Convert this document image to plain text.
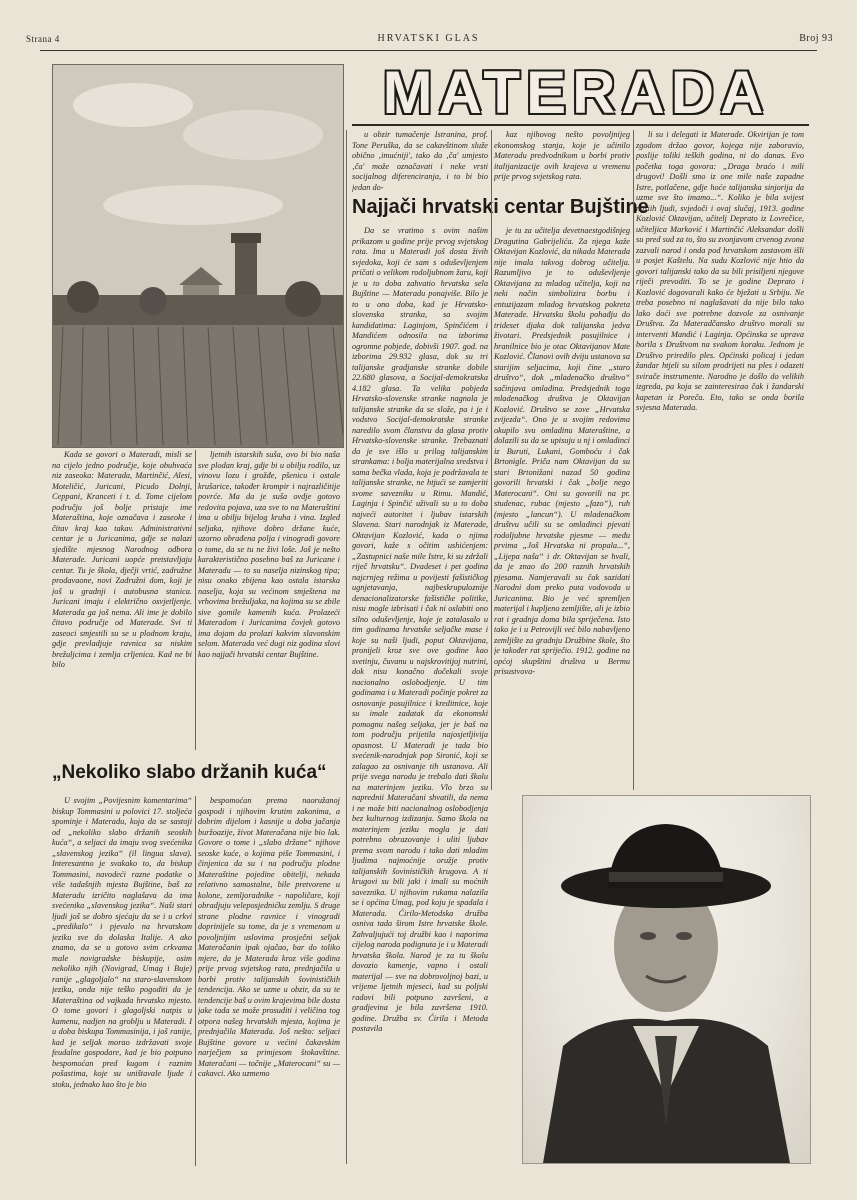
Strana 4	HRVATSKI GLAS	Broj 93
MATERADA

u obzir tumačenje Istranina, prof. Tone Peruška, da se cakavštinom služe obično ‚imućniji', tako da ‚ča' umjesto ‚ča' može označavati i neke vrsti socijalnog diferenciranja, i to bi bio jedan do-

kaz njihovog nešto povoljnijeg ekonomskog stanja, koje je učinilo Materadu predvodnikom u borbi protiv italijanizacije ovih krajeva u vremenu prije prvog svjetskog rata.

Najjači hrvatski centar Bujštine

Da se vratimo s ovim našim prikazom u godine prije prvog svjetskog rata. Ima u Materadi još dosta živih svjedoka, koji će sam s oduševljenjem pričati o velikom rodoljubnom žaru, koji je u to doba zahvatio hrvatska sela Bujštine — Materadu ponajviše. Bilo je to u ono doba, kad je Hrvatsko-slovenska stranka, sa svojim kandidatima: Laginjom, Spinčićem i Mandićem odnosila na izborima ogromne pobjede, dobivši 1907. god. na izborima 29.932 glasa, dok su tri talijanske gradjanske stranke dobile 22.680 glasova, a Socijal-demokratska 4.182 glasa. Ta velika pobjeda Hrvatsko-slovenske stranke nagnala je talijanske stranke da se slože, pa i je i vodstvo Socijal-demokratske stranke naredilo svom članstvu da glasa protiv Hrvatsko-slovenske stranke. Trebaznati da je sve išlo u prilog talijanskim strankama: i bolja materijalna sredstva i sama bečka vlada, koja je podržavala te talijanske stranke, ne htjući se zamjeriti svome savezniku u Rimu. Mandić, Laginja i Spinčić uživali su u to doba najveći autoritet i ljubav istarskih Slavena. Stari narodnjak iz Materade, Oktavijan Kozlović, kada o njima govori, kaže s očitim ushićenjem: „Zastupnici naše mile Istre, ki su zdržali riječ hrvatsku“. Dvadeset i pet godina najcrnjeg režima u povijesti fašističkog ugnjetavanja, najbeskrupuloznije denacionalizatorske fašističke politike, nisu mogle izbrisati i čak ni oslabiti ono silno oduševljenje, koje je zatalasalo u tim godinama hrvatske seljačke mase i koje su naši ljudi, poput Oktavijana, pronijeli kroz sve ove godine kao svetinju, čuvanu u najskrovitijoj nutrini, dok nisu konačno dočekali svoje nacionalno oslobodjenje. U tim godinama i u Materadi počinje pokret za osnovanje posujilnice i kreditnice, koje su imale zadatak da ekonomski pomognu našeg seljaka, jer je baš na tom području prijetila najosjetljivija opasnost. U Materadi je tada bio svećenik-narodnjak pop Sironić, koji se zalagao za osnivanje tih ustanova. Ali prije svega narodu je trebalo dati školu na materinjem jeziku. Vlo brzo su naprednii Materačani shvatili, da nema i ne može biti nacionalnog oslobodjenja bez kulturnog izdizanja. Samo škola na materinjem jeziku mogla je dati potrebno obrazovanje i uliti ljubav prema svom narodu i tako dati mladim ljudima najmoćnije oružje protiv talijanskih šovinističkih krugova. A ti krugovi su bili jaki i imali su moćnih saveznika. U njihovim rukama nalazila se i općina Umag, pod koju je spadala i Materada. Ćirilo-Metodska družba osniva tada širom Istre hrvatske škole. Zahvaljujući toj družbi kao i naporima cijelog naroda podignuta je i u Materadi hrvatska škola. Narod je za tu školu dovozio kamenje, vapno i ostali materijal — sve na dobrovoljnoj bazi, u vrijeme ljetnih mjeseci, kad su poljski radovi bili potpuno završeni, a gradjevina je bila završena 1910. godine. Družba sv. Ćirila i Metoda postavila

je tu za učitelja devetnaestgodišnjeg Dragutina Gabrijelića. Za njega kaže Oktavijan Kozlović, da nikada Materada nije imala takvog dobrog učitelja. Razumljivo je to oduševljenje Oktavijana za mladog učitelja, koji na neki način simbolizira borbu i entuzijazam mladog hrvatskog pokreta Materade. Hrvatsku školu pohađju do trideset djaka dok talijanska jedva životari. Predsjednik posujilnice i hranilnice bio je otac Oktavijanov Mate Kozlović. Članovi ovih dviju ustanova sa starijim seljacima, koji čine „staro društvo“, dok „mladenačko društvo“ sačinjava omladina. Predsjednik toga mladenačkog društva je Oktavijan Kozlović. Društvo se zove „Hrvatska zvijezda“. Ono je u svojim redovima okupilo svu omladinu Materaštine, a dolazili su da se upisuju u nj i omladinci iz Buruti, Lukani, Gomboću i čak Brtonigle. Priča nam Oktavijan da su stari Brtonižani nazad 50 godina govorili hrvatski i čak „bolje nego Materocani“. Oni su govorili na pr. studenac, rubac (mjesto „fazo“), ruh (mjesto „lancun“). U mladenačkom društvu učili su se omladinci pjevati rodoljubne hrvatske pjesme — među prvima „Još Hrvatska ni propala...“, „Lijepa naša“ i dr. Oktavijan se hvali, da je znao do 200 raznih hrvatskih pjesama. Namjeravali su čak sazidati Narodni dom preko puta vodovoda u Juricanima. Bio je već spremljen materijal i kupljeno zemljište, ali je izbio rat i gradnja doma bila spriječena. Isto tako je i u Petrovijli već bilo nabavljeno zemljište za gradnju Družbine škole, što je također rat spriječio. 1912. godine na općoj skupštini društva u Bermu prisustvova-

li su i delegati iz Materade. Okvirijan je tom zgodom držao govor, kojega nije zaboravio, poslije toliki teških godina, ni do danas. Evo početka toga govora: „Draga braćo i mili drugovi! Došli smo iz one mile naše zapadne Istre, potlačene, gdje hoće talijanska sinjorija da uzme sve što imamo...“. Koliko je bila svijest našiih ljudi, svjedoči i ovaj slučaj, 1913. godine Kozlović Oktavijan, učitelj Deprato iz Lovrečice, učiteljica Marković i Martinčić Aleksandar došli su pred sud za to, što su zvonjavom crvenog zvona zazvali narod i onda pod hrvatskom zastavom išli u posjet Kaštelu. Na sudu Kozlović nije htio da govori talijanski tako da su bili prisiljeni njegove riječi prevoditi. To se je godine Deprato i Kozlović dogovarali kako će bježati u Srbiju. Ne treba posebno ni naglašavati da nije bilo tako lako doći sve potrebne dozvole za osnivanje Društva. Za Materadčansko društvo morali su interventi Mandić i Laginja. Općinska se uprava borila s Društvom na svakom koraku. Jednom je Društvo priredilo ples. Općinski policaj i jedan žandar htjeli su silom prodrijeti na ples i odazeti svirače instrumente. Narodno je došlo do velikih izgreda, pa koja se zainteresirao čak i žandarski kapetan iz Poreča. Eto, tako se onda borila svjesna Materada.

Kada se govori o Materadi, misli se na cijelo jedno područje, koje obuhvaća niz zaseoka: Materada, Martinčić, Alesi, Moteličić, Juricani, Picudo Dolnji, Ceppani, Kranceti i t. d. Tome cijelom području još bolje pristaje ime Materaština, koje označava i zaseoke i čitav kraj kao takav. Administrativni centar je u Juricanima, gdje se nalazi sjedište mjesnog Narodnog odbora Materade. Juricani uopće pretstavljaju centar. Tu je škola, dječji vrtić, zadružne prodavaone, novi Zadružni dom, koji je još u gradnji i autobusna stanica. Juricani imaju i električno osvjetljenje. Materada ga još nema. Ali ime je dobilo čitavo područje od Materade. Svi ti zaseoci smjestili su se u plodnom kraju, gdje prevladjuje ravnica sa niskim brežuljcima i zemlja crljenica. Kad ne bi bilo

ljetnih istarskih suša, ovo bi bio naša sve plodan kraj, gdje bi u obilju rodilo, uz vinovu lozu i grožđe, pšenicu i ostale krušarice, također krompir i najrazličitije povrće. Ma da je suša ovdje gotovo redovita pojava, uza sve to na Materaštini ima u obilju bijelog kruha i vina. Izgled seljaka, njihove dobro držane kuće, uzorno obrađena polja i vinogradi govore o tome, da se tu ne živi loše. Još je nešto karakteristično posebno baš za Juricane i Materadu — to su naselja nizinskog tipa; nisu onako zbijena kao ostala istarska naselja, koja su većinom smještena na vrhovima brežuljaka, na kojima su se zbile sive gomile kamenih kuća. Prolazeći Materadom i Juricanima čovjek gotovo ima dojam da prolazi kakvim slavonskim selom. Materada već dugi niz godina slovi kao najjači hrvatski centar Bujštine.

„Nekoliko slabo držanih kuća“

U svojim „Povijesnim komentarima“ biskup Tommasini u polovici 17. stoljeća spominje i Materadu, koja da se sastoji od „nekoliko slabo držanih seoskih kuća“, a seljaci da imaju svog svećenika „slavenskog jezika“ (il lingua slava). Interesantno je svakako to, da biskup Tommasini, navodeći razne podatke o više tadašnjih mjesta Bujštine, baš za Materadu izričito naglašava da ima svećenika „slavenskog jezika“. Naši stari ljudi još se dobro sjećaju da se i u crkvi „predikalo“ i pjevalo na hrvatskom jeziku sve do dolaska Italije. A ako znamo, da se u gotovo svim crkvama male novigradske biskupije, osim nekoliko njih (Novigrad, Umag i Buje) ranije „glagoljalo“ na staro-slavenskom jeziku, onda nije teško pogoditi da je Materaština od vajkada hrvatsko mjesto. O tome govori i glagoljski natpis u kamenu, nadjen na groblju u Materadi. I u doba biskupa Tommasinija, i još ranije, kad je seljak morao izdržavati svoje feudalne gospodare, kad je bio potpuno bespomoćan pred kugom i raznim pošastima, koje su uništavale ljude i stoku, jednako kao što je bio

bespomoćan prema naoružanoj gospodi i njihovim krutim zakonima, a dobrim dijelom i kasnije u doba jačanja buržoazije, život Materačana nije bio lak. Govore o tome i „slabo držane“ njihove seoske kuće, o kojima piše Tommasini, i činjenica da su i na području plodne Materaštine pojedine obitelji, nekada relativno samostalne, bile pretvorene u kolone, zemljoradnike - napoličare, koji obradjuju veleposjednićku zemlju. S druge strane plodne ravnice i vinogradi doprinijele su tome, da je s vremenom u povoljnijim uslovima prosječni seljak Materačanin ipak ojačao, bar do toliko mjere, da je Materada kroz više godina prije prvog svjetskog rata, prednjačila u borbi protiv talijanskih šovinističkih tendencija. Ako se uzme u obzir, da su te tendencije baš u ovim krajevima bile dosta jake tada se može prosuditi i veličina tog otpora našeg hrvatskih mjesta, kojima je prednjačila Materada. Još nešto: seljaci Bujštine govore u većini čakavskim narječjem sa primjesom štokavštine. Materačani — točnije „Materocani“ su — cakavci. Ako uzmemo
